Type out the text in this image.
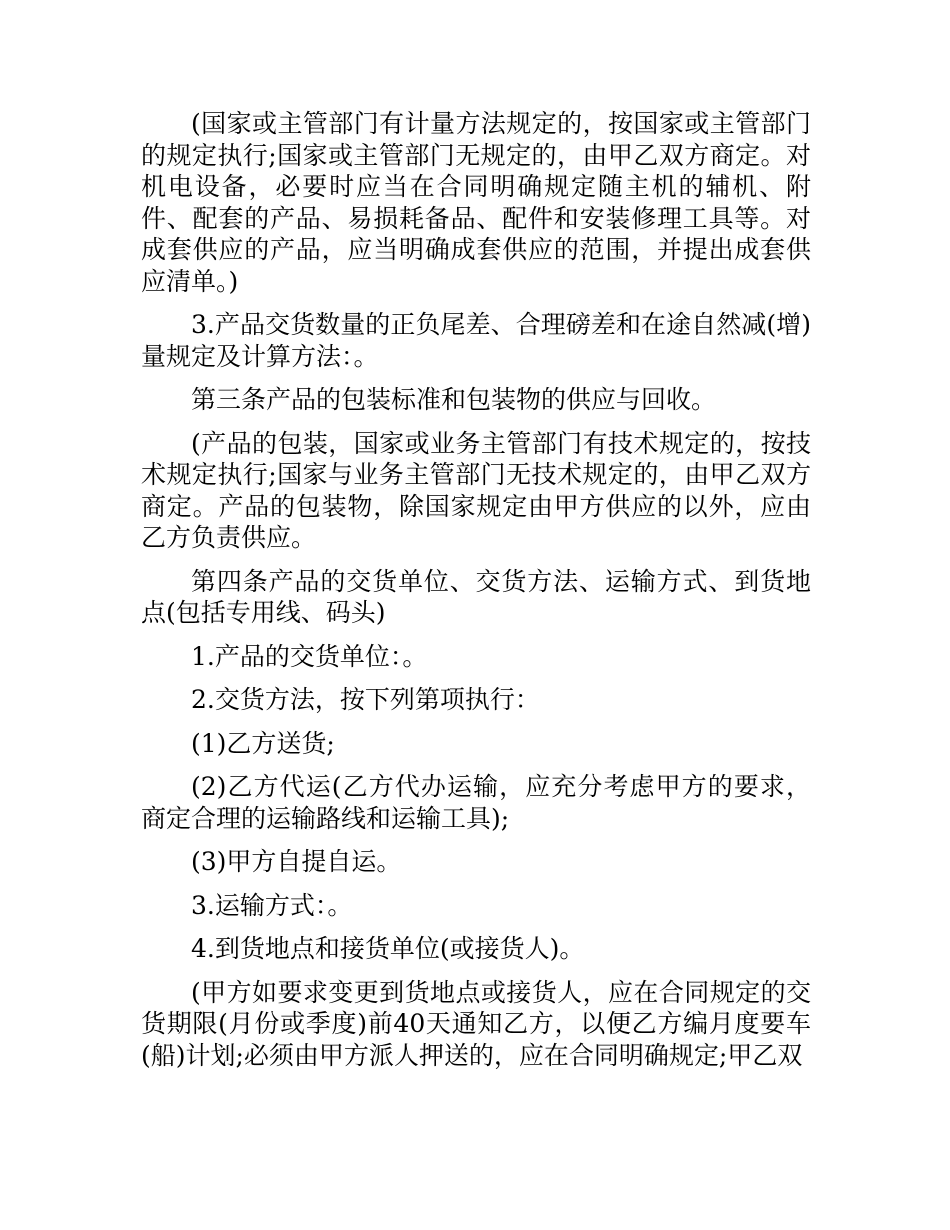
(国家或主管部门有计量方法规定的，按国家或主管部门的规定执行;国家或主管部门无规定的，由甲乙双方商定。对机电设备，必要时应当在合同明确规定随主机的辅机、附件、配套的产品、易损耗备品、配件和安装修理工具等。对成套供应的产品，应当明确成套供应的范围，并提出成套供应清单。)

3.产品交货数量的正负尾差、合理磅差和在途自然减(增)量规定及计算方法：。

第三条产品的包装标准和包装物的供应与回收。

(产品的包装，国家或业务主管部门有技术规定的，按技术规定执行;国家与业务主管部门无技术规定的，由甲乙双方商定。产品的包装物，除国家规定由甲方供应的以外，应由乙方负责供应。

第四条产品的交货单位、交货方法、运输方式、到货地点(包括专用线、码头)

1.产品的交货单位：。

2.交货方法，按下列第项执行：

(1)乙方送货;

(2)乙方代运(乙方代办运输，应充分考虑甲方的要求，商定合理的运输路线和运输工具);

(3)甲方自提自运。

3.运输方式：。

4.到货地点和接货单位(或接货人)。

(甲方如要求变更到货地点或接货人，应在合同规定的交货期限(月份或季度)前40天通知乙方，以便乙方编月度要车(船)计划;必须由甲方派人押送的，应在合同明确规定;甲乙双
